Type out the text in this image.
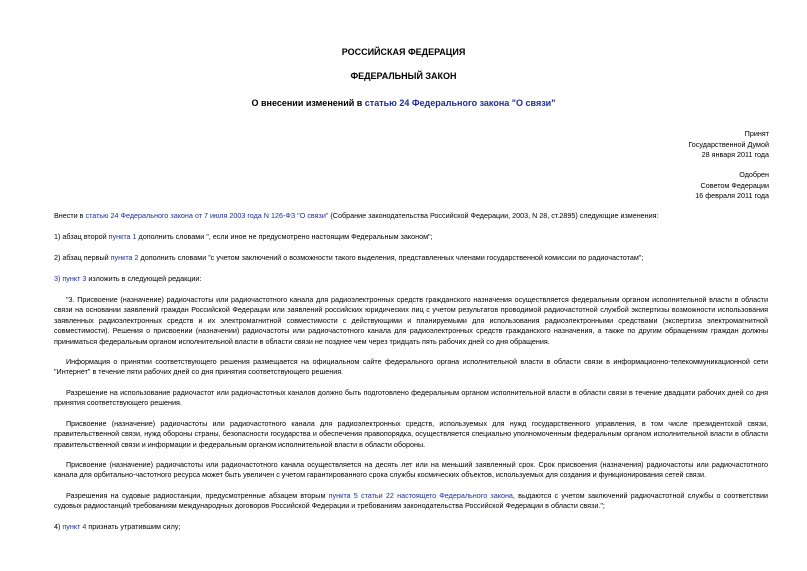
РОССИЙСКАЯ ФЕДЕРАЦИЯ
ФЕДЕРАЛЬНЫЙ ЗАКОН
О внесении изменений в статью 24 Федерального закона "О связи"
Принят
Государственной Думой
28 января 2011 года
Одобрен
Советом Федерации
16 февраля 2011 года
Внести в статью 24 Федерального закона от 7 июля 2003 года N 126-ФЗ "О связи" (Собрание законодательства Российской Федерации, 2003, N 28, ст.2895) следующие изменения:
1) абзац второй пункта 1 дополнить словами ", если иное не предусмотрено настоящим Федеральным законом";
2) абзац первый пункта 2 дополнить словами "с учетом заключений о возможности такого выделения, представленных членами государственной комиссии по радиочастотам";
3) пункт 3 изложить в следующей редакции:
"3. Присвоение (назначение) радиочастоты или радиочастотного канала для радиоэлектронных средств гражданского назначения осуществляется федеральным органом исполнительной власти в области связи на основании заявлений граждан Российской Федерации или заявлений российских юридических лиц с учетом результатов проводимой радиочастотной службой экспертизы возможности использования заявленных радиоэлектронных средств и их электромагнитной совместимости с действующими и планируемыми для использования радиоэлектронными средствами (экспертиза электромагнитной совместимости). Решения о присвоении (назначении) радиочастоты или радиочастотного канала для радиоэлектронных средств гражданского назначения, а также по другим обращениям граждан должны приниматься федеральным органом исполнительной власти в области связи не позднее чем через тридцать пять рабочих дней со дня обращения.
Информация о принятии соответствующего решения размещается на официальном сайте федерального органа исполнительной власти в области связи в информационно-телекоммуникационной сети "Интернет" в течение пяти рабочих дней со дня принятия соответствующего решения.
Разрешение на использование радиочастот или радиочастотных каналов должно быть подготовлено федеральным органом исполнительной власти в области связи в течение двадцати рабочих дней со дня принятия соответствующего решения.
Присвоение (назначение) радиочастоты или радиочастотного канала для радиоэлектронных средств, используемых для нужд государственного управления, в том числе президентской связи, правительственной связи, нужд обороны страны, безопасности государства и обеспечения правопорядка, осуществляется специально уполномоченным федеральным органом исполнительной власти в области правительственной связи и информации и федеральным органом исполнительной власти в области обороны.
Присвоение (назначение) радиочастоты или радиочастотного канала осуществляется на десять лет или на меньший заявленный срок. Срок присвоения (назначения) радиочастоты или радиочастотного канала для орбитально-частотного ресурса может быть увеличен с учетом гарантированного срока службы космических объектов, используемых для создания и функционирования сетей связи.
Разрешения на судовые радиостанции, предусмотренные абзацем вторым пункта 5 статьи 22 настоящего Федерального закона, выдаются с учетом заключений радиочастотной службы о соответствии судовых радиостанций требованиям международных договоров Российской Федерации и требованиям законодательства Российской Федерации в области связи.";
4) пункт 4 признать утратившим силу;
